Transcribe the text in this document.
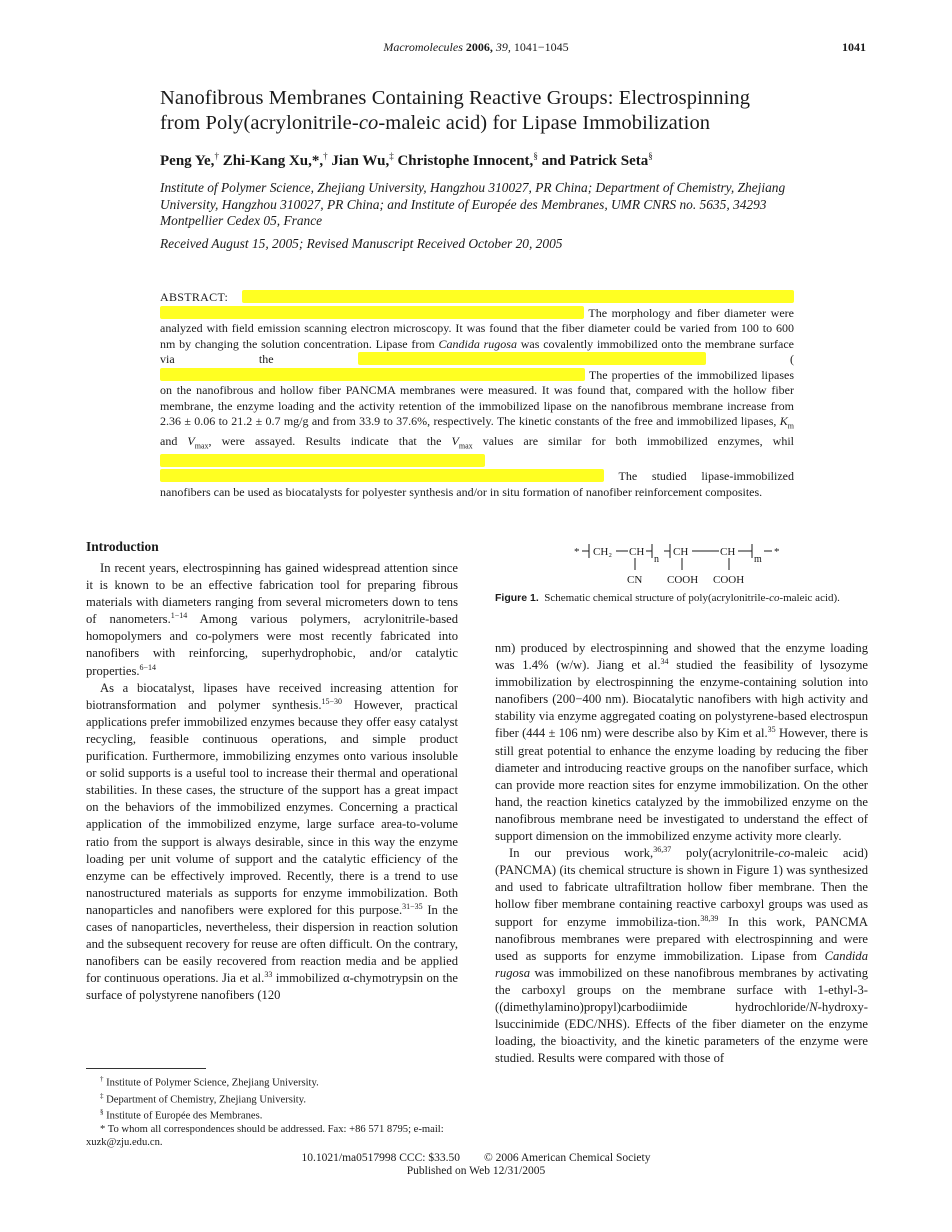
Macromolecules 2006, 39, 1041−1045	1041
Nanofibrous Membranes Containing Reactive Groups: Electrospinning
from Poly(acrylonitrile-co-maleic acid) for Lipase Immobilization
Peng Ye,† Zhi-Kang Xu,*,† Jian Wu,‡ Christophe Innocent,§ and Patrick Seta§
Institute of Polymer Science, Zhejiang University, Hangzhou 310027, PR China; Department of Chemistry, Zhejiang University, Hangzhou 310027, PR China; and Institute of Europée des Membranes, UMR CNRS no. 5635, 34293 Montpellier Cedex 05, France
Received August 15, 2005; Revised Manuscript Received October 20, 2005
ABSTRACT:   The morphology and fiber diameter were analyzed with field emission scanning electron microscopy. It was found that the fiber diameter could be varied from 100 to 600 nm by changing the solution concentration. Lipase from Candida rugosa was covalently immobilized onto the membrane surface via the	( The properties of the immobilized lipases on the nanofibrous and hollow fiber PANCMA membranes were measured. It was found that, compared with the hollow fiber membrane, the enzyme loading and the activity retention of the immobilized lipase on the nanofibrous membrane increase from 2.36 ± 0.06 to 21.2 ± 0.7 mg/g and from 33.9 to 37.6%, respectively. The kinetic constants of the free and immobilized lipases, $K_m$ and $V_{max}$, were assayed. Results indicate that the $V_{max}$ values are similar for both immobilized enzymes, whil  The studied lipase-immobilized nanofibers can be used as biocatalysts for polyester synthesis and/or in situ formation of nanofiber reinforcement composites.
Introduction

In recent years, electrospinning has gained widespread attention since it is known to be an effective fabrication tool for preparing fibrous materials with diameters ranging from several micrometers down to tens of nanometers.$^{1-14}$ Among various polymers, acrylonitrile-based homopolymers and co-polymers were most recently fabricated into nanofibers with reinforcing, superhydrophobic, and/or catalytic properties.$^{6-14}$

As a biocatalyst, lipases have received increasing attention for biotransformation and polymer synthesis.$^{15-30}$ However, practical applications prefer immobilized enzymes because they offer easy catalyst recycling, feasible continuous operations, and simple product purification. Furthermore, immobilizing enzymes onto various insoluble or solid supports is a useful tool to increase their thermal and operational stabilities. In these cases, the structure of the support has a great impact on the behaviors of the immobilized enzymes. Concerning a practical application of the immobilized enzyme, large surface area-to-volume ratio from the support is always desirable, since in this way the enzyme loading per unit volume of support and the catalytic efficiency of the enzyme can be effectively improved. Recently, there is a trend to use nanostructured materials as supports for enzyme immobilization. Both nanoparticles and nanofibers were explored for this purpose.$^{31-35}$ In the cases of nanoparticles, nevertheless, their dispersion in reaction solution and the subsequent recovery for reuse are often difficult. On the contrary, nanofibers can be easily recovered from reaction media and be applied for continuous operations. Jia et al.$^{33}$ immobilized α-chymotrypsin on the surface of polystyrene nanofibers (120

* CH₂ CH
CN
n
CH
COOH
CH
COOH
m
*
Figure 1. Schematic chemical structure of poly(acrylonitrile-co-maleic acid).

nm) produced by electrospinning and showed that the enzyme loading was 1.4% (w/w). Jiang et al.$^{34}$ studied the feasibility of lysozyme immobilization by electrospinning the enzyme-containing solution into nanofibers (200−400 nm). Biocatalytic nanofibers with high activity and stability via enzyme aggregated coating on polystyrene-based electrospun fiber (444 ± 106 nm) were describe also by Kim et al.$^{35}$ However, there is still great potential to enhance the enzyme loading by reducing the fiber diameter and introducing reactive groups on the nanofiber surface, which can provide more reaction sites for enzyme immobilization. On the other hand, the reaction kinetics catalyzed by the immobilized enzyme on the nanofibrous membrane need be investigated to understand the effect of support dimension on the immobilized enzyme activity more clearly.

In our previous work,$^{36,37}$ poly(acrylonitrile-co-maleic acid) (PANCMA) (its chemical structure is shown in Figure 1) was synthesized and used to fabricate ultrafiltration hollow fiber membrane. Then the hollow fiber membrane containing reactive carboxyl groups was used as support for enzyme immobiliza-tion.$^{38,39}$ In this work, PANCMA nanofibrous membranes were prepared with electrospinning and were used as supports for enzyme immobilization. Lipase from Candida rugosa was immobilized on these nanofibrous membranes by activating the carboxyl groups on the membrane surface with 1-ethyl-3-((dimethylamino)propyl)carbodiimide hydrochloride/N-hydroxy-lsuccinimide (EDC/NHS). Effects of the fiber diameter on the enzyme loading, the bioactivity, and the kinetic parameters of the enzyme were studied. Results were compared with those of

† Institute of Polymer Science, Zhejiang University.
‡ Department of Chemistry, Zhejiang University.
§ Institute of Europée des Membranes.
* To whom all correspondences should be addressed. Fax: +86 571 8795; e-mail: xuzk@zju.edu.cn.
10.1021/ma0517998 CCC: $33.50 © 2006 American Chemical Society
Published on Web 12/31/2005
